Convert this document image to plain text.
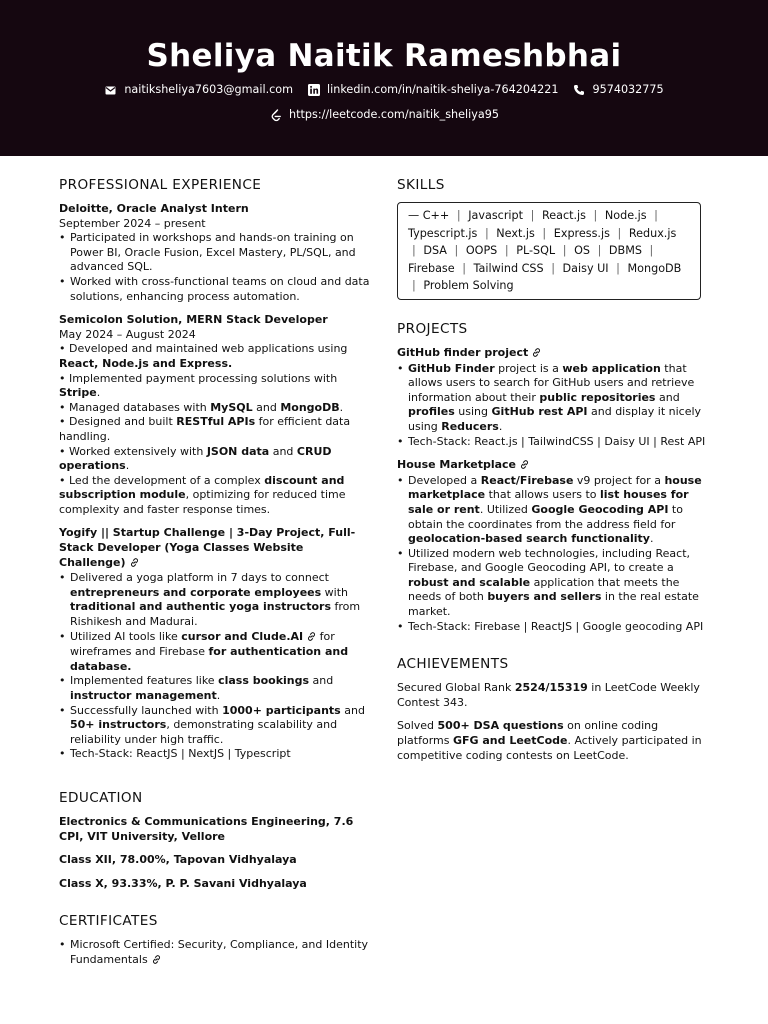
Sheliya Naitik Rameshbhai
naitiksheliya7603@gmail.com	linkedin.com/in/naitik-sheliya-764204221	9574032775
https://leetcode.com/naitik_sheliya95
PROFESSIONAL EXPERIENCE
Deloitte, Oracle Analyst Intern
September 2024 – present
• Participated in workshops and hands-on training on Power BI, Oracle Fusion, Excel Mastery, PL/SQL, and advanced SQL.
• Worked with cross-functional teams on cloud and data solutions, enhancing process automation.
Semicolon Solution, MERN Stack Developer
May 2024 – August 2024
• Developed and maintained web applications using React, Node.js and Express.
• Implemented payment processing solutions with Stripe.
• Managed databases with MySQL and MongoDB.
• Designed and built RESTful APIs for efficient data handling.
• Worked extensively with JSON data and CRUD operations.
• Led the development of a complex discount and subscription module, optimizing for reduced time complexity and faster response times.
Yogify || Startup Challenge | 3-Day Project, Full-Stack Developer (Yoga Classes Website Challenge)
• Delivered a yoga platform in 7 days to connect entrepreneurs and corporate employees with traditional and authentic yoga instructors from Rishikesh and Madurai.
• Utilized AI tools like cursor and Clude.AI for wireframes and Firebase for authentication and database.
• Implemented features like class bookings and instructor management.
• Successfully launched with 1000+ participants and 50+ instructors, demonstrating scalability and reliability under high traffic.
• Tech-Stack: ReactJS | NextJS | Typescript
EDUCATION
Electronics & Communications Engineering, 7.6 CPI, VIT University, Vellore
Class XII, 78.00%, Tapovan Vidhyalaya
Class X, 93.33%, P. P. Savani Vidhyalaya
CERTIFICATES
• Microsoft Certified: Security, Compliance, and Identity Fundamentals
SKILLS
— C++ | Javascript | React.js | Node.js | Typescript.js | Next.js | Express.js | Redux.js | DSA | OOPS | PL-SQL | OS | DBMS | Firebase | Tailwind CSS | Daisy UI | MongoDB | Problem Solving
PROJECTS
GitHub finder project
• GitHub Finder project is a web application that allows users to search for GitHub users and retrieve information about their public repositories and profiles using GitHub rest API and display it nicely using Reducers.
• Tech-Stack: React.js | TailwindCSS | Daisy UI | Rest API
House Marketplace
• Developed a React/Firebase v9 project for a house marketplace that allows users to list houses for sale or rent. Utilized Google Geocoding API to obtain the coordinates from the address field for geolocation-based search functionality.
• Utilized modern web technologies, including React, Firebase, and Google Geocoding API, to create a robust and scalable application that meets the needs of both buyers and sellers in the real estate market.
• Tech-Stack: Firebase | ReactJS | Google geocoding API
ACHIEVEMENTS
Secured Global Rank 2524/15319 in LeetCode Weekly Contest 343.
Solved 500+ DSA questions on online coding platforms GFG and LeetCode. Actively participated in competitive coding contests on LeetCode.
